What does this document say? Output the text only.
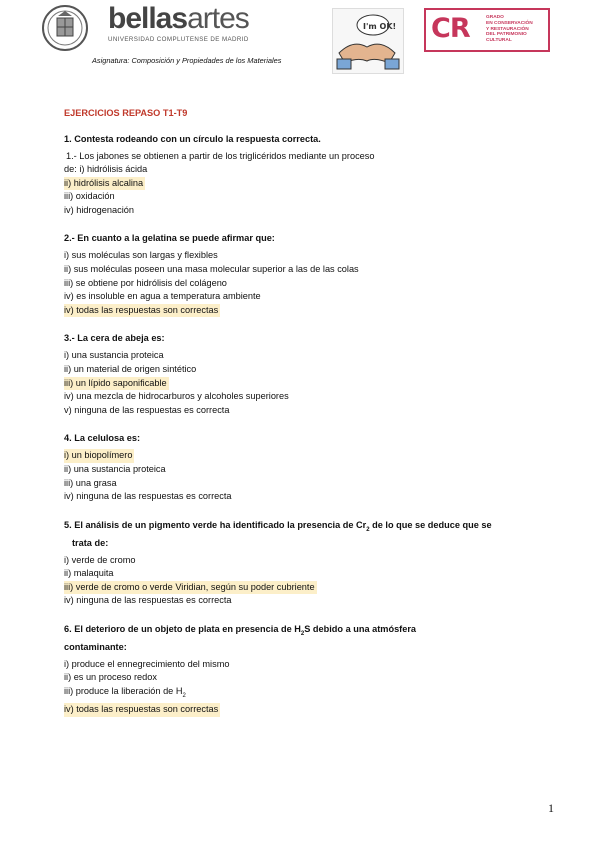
bellasartes
UNIVERSIDAD COMPLUTENSE DE MADRID
Asignatura: Composición y Propiedades de los Materiales
I'm OK! CR	GRADO
EN CONSERVACIÓN
Y RESTAURACIÓN
DEL PATRIMONIO
CULTURAL
EJERCICIOS REPASO T1-T9
1. Contesta rodeando con un círculo la respuesta correcta.
1.- Los jabones se obtienen a partir de los triglicéridos mediante un proceso
de: i) hidrólisis ácida
ii) hidrólisis alcalina
iii) oxidación
iv) hidrogenación
2.- En cuanto a la gelatina se puede afirmar que:
i) sus moléculas son largas y flexibles
ii) sus moléculas poseen una masa molecular superior a las de las colas
iii) se obtiene por hidrólisis del colágeno
iv) es insoluble en agua a temperatura ambiente
iv) todas las respuestas son correctas
3.- La cera de abeja es:
i) una sustancia proteica
ii) un material de origen sintético
iii) un lípido saponificable
iv) una mezcla de hidrocarburos y alcoholes superiores
v) ninguna de las respuestas es correcta
4. La celulosa es:
i) un biopolímero
ii) una sustancia proteica
iii) una grasa
iv) ninguna de las respuestas es correcta
5. El análisis de un pigmento verde ha identificado la presencia de $Cr_2$ de lo que se deduce que se
trata de:
i) verde de cromo
ii) malaquita
iii) verde de cromo o verde Viridian, según su poder cubriente
iv) ninguna de las respuestas es correcta
6. El deterioro de un objeto de plata en presencia de $H_2S$ debido a una atmósfera
contaminante:
i) produce el ennegrecimiento del mismo
ii) es un proceso redox
iii) produce la liberación de $H_2$
iv) todas las respuestas son correctas
1
